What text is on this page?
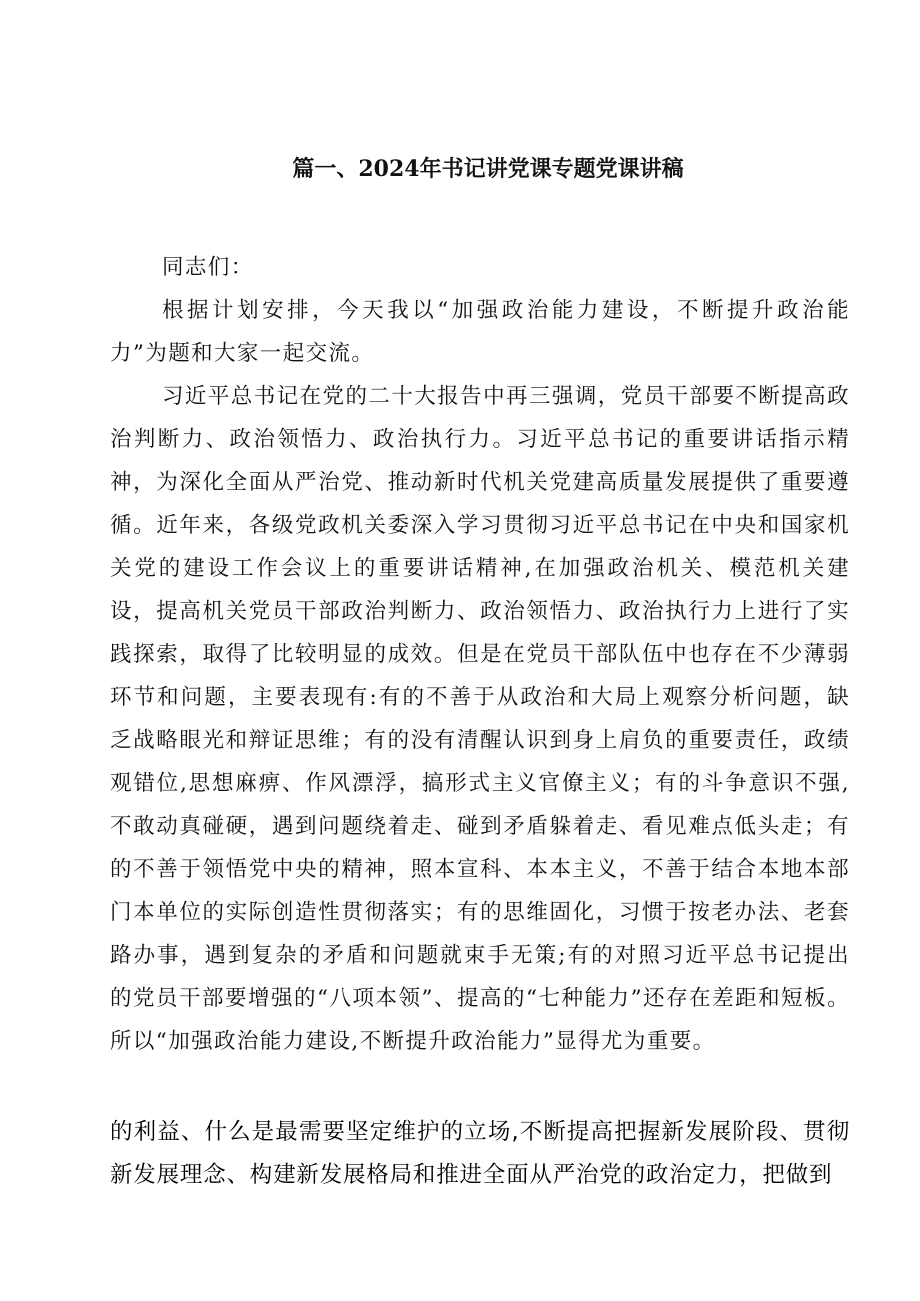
篇一、2024年书记讲党课专题党课讲稿

同志们：

根据计划安排，今天我以“加强政治能力建设，不断提升政治能力”为题和大家一起交流。

习近平总书记在党的二十大报告中再三强调，党员干部要不断提高政治判断力、政治领悟力、政治执行力。习近平总书记的重要讲话指示精神，为深化全面从严治党、推动新时代机关党建高质量发展提供了重要遵循。近年来，各级党政机关委深入学习贯彻习近平总书记在中央和国家机关党的建设工作会议上的重要讲话精神,在加强政治机关、模范机关建设，提高机关党员干部政治判断力、政治领悟力、政治执行力上进行了实践探索，取得了比较明显的成效。但是在党员干部队伍中也存在不少薄弱环节和问题，主要表现有:有的不善于从政治和大局上观察分析问题，缺乏战略眼光和辩证思维；有的没有清醒认识到身上肩负的重要责任，政绩观错位,思想麻痹、作风漂浮，搞形式主义官僚主义；有的斗争意识不强,不敢动真碰硬，遇到问题绕着走、碰到矛盾躲着走、看见难点低头走；有的不善于领悟党中央的精神，照本宣科、本本主义，不善于结合本地本部门本单位的实际创造性贯彻落实；有的思维固化，习惯于按老办法、老套路办事，遇到复杂的矛盾和问题就束手无策;有的对照习近平总书记提出的党员干部要增强的“八项本领”、提高的“七种能力”还存在差距和短板。所以“加强政治能力建设,不断提升政治能力”显得尤为重要。

的利益、什么是最需要坚定维护的立场,不断提高把握新发展阶段、贯彻新发展理念、构建新发展格局和推进全面从严治党的政治定力，把做到
